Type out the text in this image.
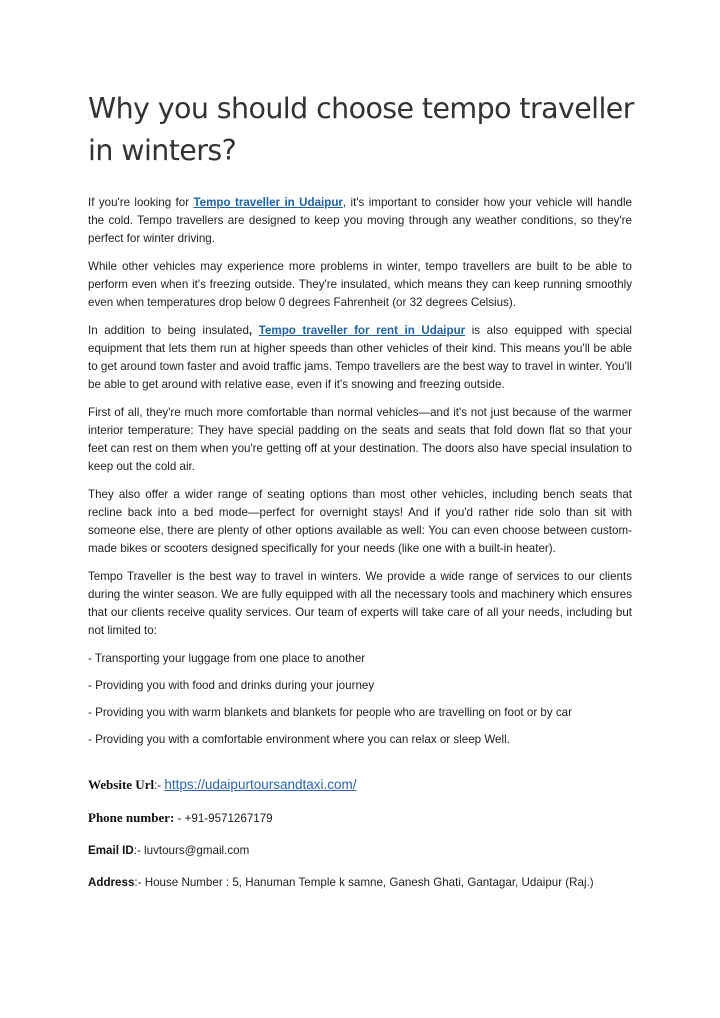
Why you should choose tempo traveller in winters?

If you're looking for Tempo traveller in Udaipur, it's important to consider how your vehicle will handle the cold. Tempo travellers are designed to keep you moving through any weather conditions, so they're perfect for winter driving.

While other vehicles may experience more problems in winter, tempo travellers are built to be able to perform even when it's freezing outside. They're insulated, which means they can keep running smoothly even when temperatures drop below 0 degrees Fahrenheit (or 32 degrees Celsius).

In addition to being insulated, Tempo traveller for rent in Udaipur is also equipped with special equipment that lets them run at higher speeds than other vehicles of their kind. This means you'll be able to get around town faster and avoid traffic jams. Tempo travellers are the best way to travel in winter. You'll be able to get around with relative ease, even if it's snowing and freezing outside.

First of all, they're much more comfortable than normal vehicles—and it's not just because of the warmer interior temperature: They have special padding on the seats and seats that fold down flat so that your feet can rest on them when you're getting off at your destination. The doors also have special insulation to keep out the cold air.

They also offer a wider range of seating options than most other vehicles, including bench seats that recline back into a bed mode—perfect for overnight stays! And if you'd rather ride solo than sit with someone else, there are plenty of other options available as well: You can even choose between custom-made bikes or scooters designed specifically for your needs (like one with a built-in heater).

Tempo Traveller is the best way to travel in winters. We provide a wide range of services to our clients during the winter season. We are fully equipped with all the necessary tools and machinery which ensures that our clients receive quality services. Our team of experts will take care of all your needs, including but not limited to:

- Transporting your luggage from one place to another

- Providing you with food and drinks during your journey

- Providing you with warm blankets and blankets for people who are travelling on foot or by car

- Providing you with a comfortable environment where you can relax or sleep Well.

Website Url:- https://udaipurtoursandtaxi.com/

Phone number: - +91-9571267179

Email ID:- luvtours@gmail.com

Address:- House Number : 5, Hanuman Temple k samne, Ganesh Ghati, Gantagar, Udaipur (Raj.)
